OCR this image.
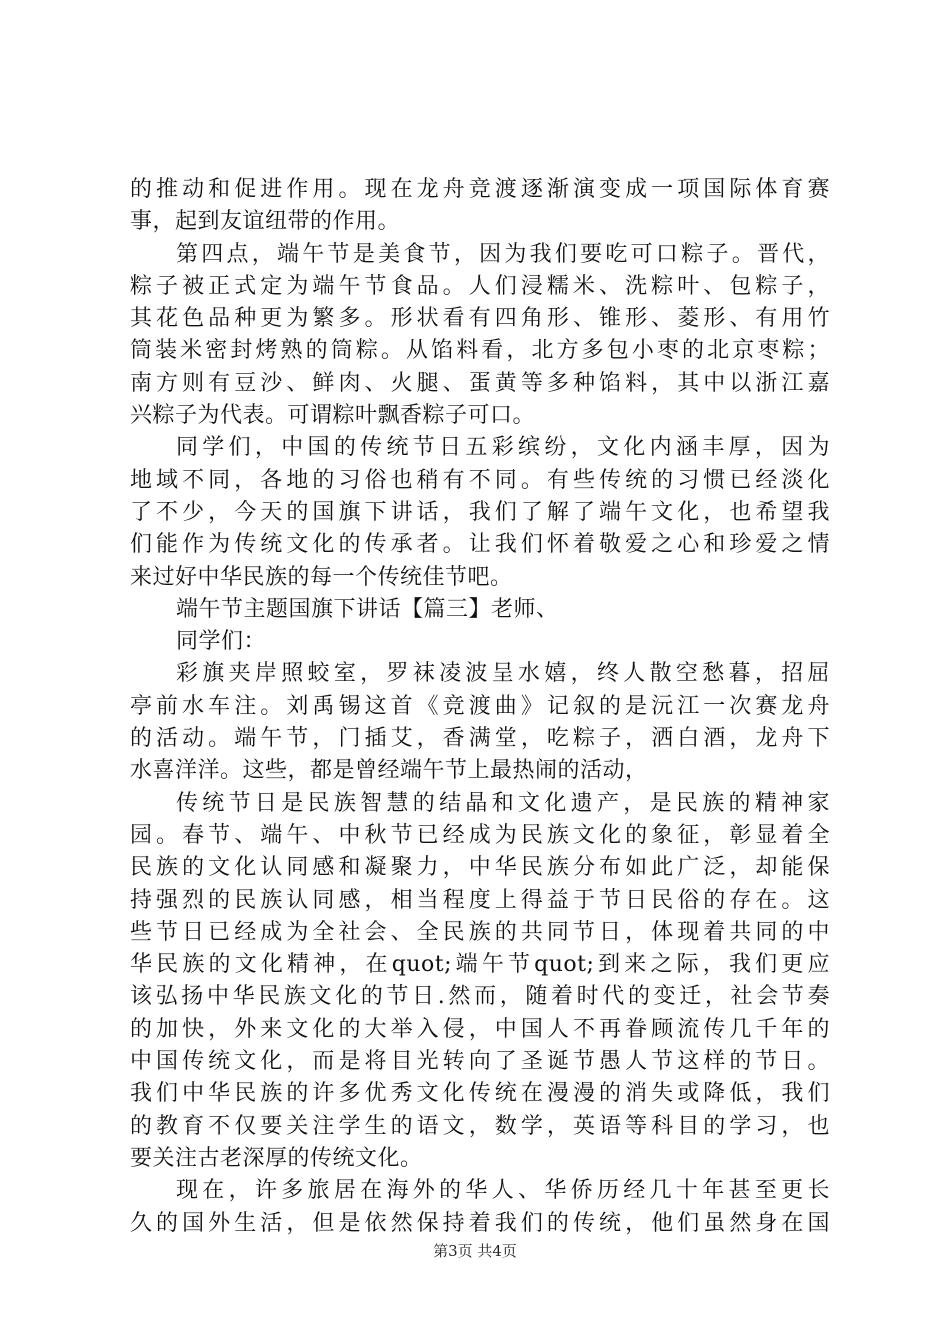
的推动和促进作用。现在龙舟竞渡逐渐演变成一项国际体育赛
事，起到友谊纽带的作用。
第四点，端午节是美食节，因为我们要吃可口粽子。晋代，
粽子被正式定为端午节食品。人们浸糯米、洗粽叶、包粽子，
其花色品种更为繁多。形状看有四角形、锥形、菱形、有用竹
筒装米密封烤熟的筒粽。从馅料看，北方多包小枣的北京枣粽；
南方则有豆沙、鲜肉、火腿、蛋黄等多种馅料，其中以浙江嘉
兴粽子为代表。可谓粽叶飘香粽子可口。
同学们，中国的传统节日五彩缤纷，文化内涵丰厚，因为
地域不同，各地的习俗也稍有不同。有些传统的习惯已经淡化
了不少，今天的国旗下讲话，我们了解了端午文化，也希望我
们能作为传统文化的传承者。让我们怀着敬爱之心和珍爱之情
来过好中华民族的每一个传统佳节吧。
端午节主题国旗下讲话【篇三】老师、
同学们：
彩旗夹岸照蛟室，罗袜凌波呈水嬉，终人散空愁暮，招屈
亭前水车注。刘禹锡这首《竞渡曲》记叙的是沅江一次赛龙舟
的活动。端午节，门插艾，香满堂，吃粽子，洒白酒，龙舟下
水喜洋洋。这些，都是曾经端午节上最热闹的活动，
传统节日是民族智慧的结晶和文化遗产，是民族的精神家
园。春节、端午、中秋节已经成为民族文化的象征，彰显着全
民族的文化认同感和凝聚力，中华民族分布如此广泛，却能保
持强烈的民族认同感，相当程度上得益于节日民俗的存在。这
些节日已经成为全社会、全民族的共同节日，体现着共同的中
华民族的文化精神，在quot;端午节quot;到来之际，我们更应
该弘扬中华民族文化的节日.然而，随着时代的变迁，社会节奏
的加快，外来文化的大举入侵，中国人不再眷顾流传几千年的
中国传统文化，而是将目光转向了圣诞节愚人节这样的节日。
我们中华民族的许多优秀文化传统在漫漫的消失或降低，我们
的教育不仅要关注学生的语文，数学，英语等科目的学习，也
要关注古老深厚的传统文化。
现在，许多旅居在海外的华人、华侨历经几十年甚至更长
久的国外生活，但是依然保持着我们的传统，他们虽然身在国
第3页 共4页
